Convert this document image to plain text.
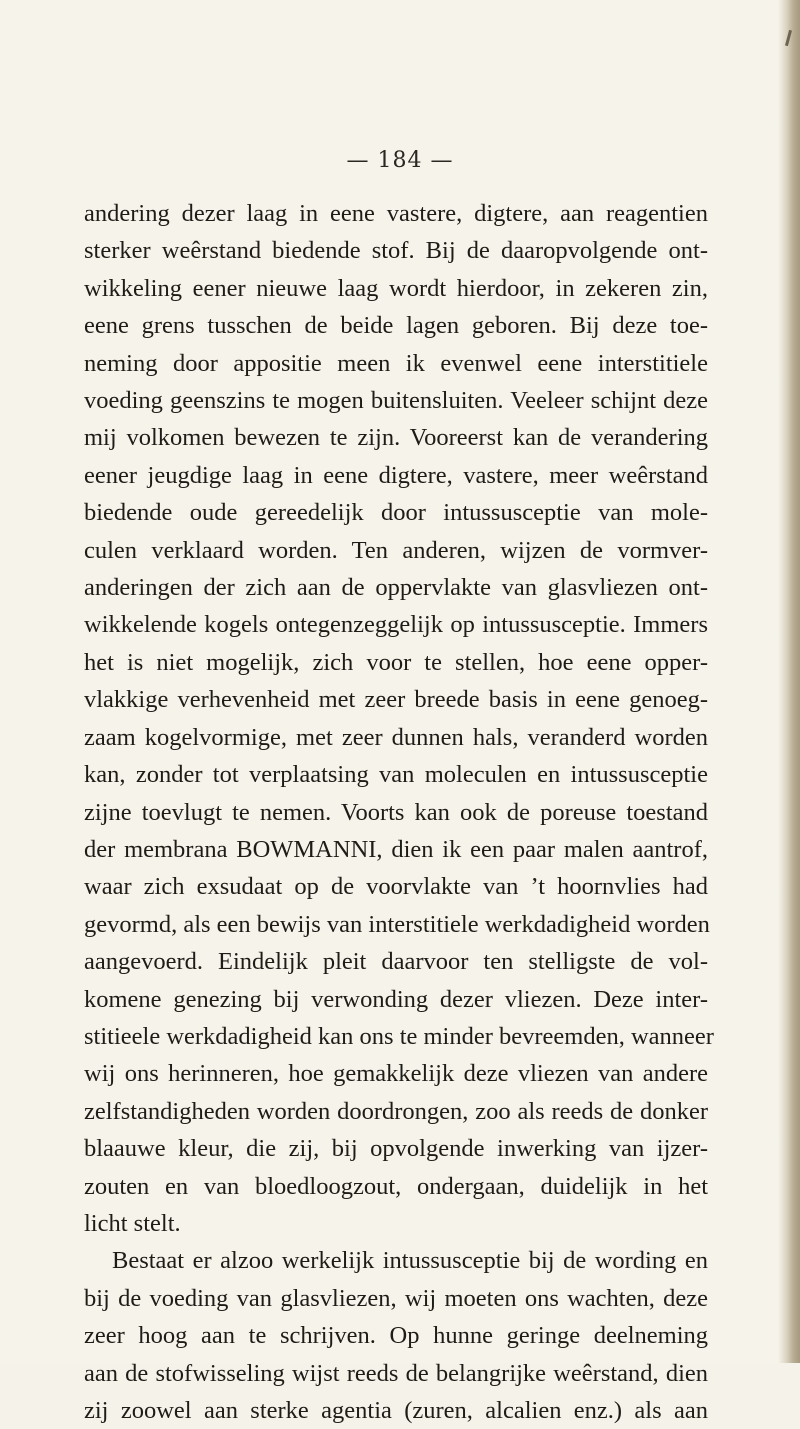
— 184 —
andering dezer laag in eene vastere, digtere, aan reagentien
sterker weêrstand biedende stof. Bij de daaropvolgende ont-
wikkeling eener nieuwe laag wordt hierdoor, in zekeren zin,
eene grens tusschen de beide lagen geboren. Bij deze toe-
neming door appositie meen ik evenwel eene interstitiele
voeding geenszins te mogen buitensluiten. Veeleer schijnt deze
mij volkomen bewezen te zijn. Vooreerst kan de verandering
eener jeugdige laag in eene digtere, vastere, meer weêrstand
biedende oude gereedelijk door intussusceptie van mole-
culen verklaard worden. Ten anderen, wijzen de vormver-
anderingen der zich aan de oppervlakte van glasvliezen ont-
wikkelende kogels ontegenzeggelijk op intussusceptie. Immers
het is niet mogelijk, zich voor te stellen, hoe eene opper-
vlakkige verhevenheid met zeer breede basis in eene genoeg-
zaam kogelvormige, met zeer dunnen hals, veranderd worden
kan, zonder tot verplaatsing van moleculen en intussusceptie
zijne toevlugt te nemen. Voorts kan ook de poreuse toestand
der membrana BOWMANNI, dien ik een paar malen aantrof,
waar zich exsudaat op de voorvlakte van ’t hoornvlies had
gevormd, als een bewijs van interstitiele werkdadigheid worden
aangevoerd. Eindelijk pleit daarvoor ten stelligste de vol-
komene genezing bij verwonding dezer vliezen. Deze inter-
stitieele werkdadigheid kan ons te minder bevreemden, wanneer
wij ons herinneren, hoe gemakkelijk deze vliezen van andere
zelfstandigheden worden doordrongen, zoo als reeds de donker
blaauwe kleur, die zij, bij opvolgende inwerking van ijzer-
zouten en van bloedloogzout, ondergaan, duidelijk in het
licht stelt.
Bestaat er alzoo werkelijk intussusceptie bij de wording en
bij de voeding van glasvliezen, wij moeten ons wachten, deze
zeer hoog aan te schrijven. Op hunne geringe deelneming
aan de stofwisseling wijst reeds de belangrijke weêrstand, dien
zij zoowel aan sterke agentia (zuren, alcalien enz.) als aan
